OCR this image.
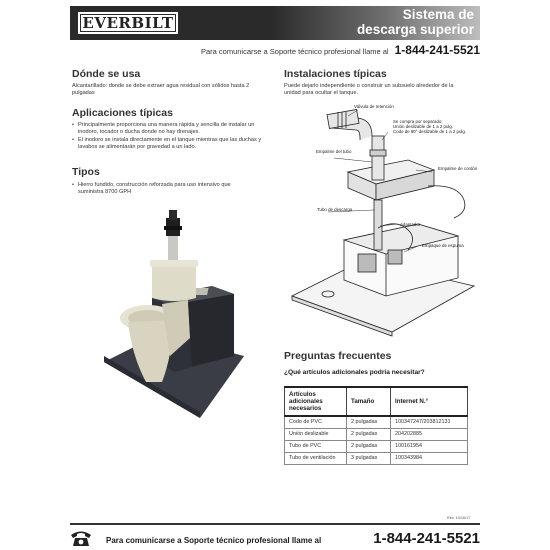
EVERBILT	Sistema de
descarga superior
Para comunicarse a Soporte técnico profesional llame al 1-844-241-5521
Dónde se usa
Alcantarillado: donde se debe extraer agua residual con sólidos hasta 2 pulgadas
Aplicaciones típicas
• Principalmente proporciona una manera rápida y sencilla de instalar un inodoro, tocador o ducha donde no hay drenajes.
• El inodoro se instala directamente en el tanque mientras que las duchas y lavabos se alimentarán por gravedad a un lado.
Tipos
• Hierro fundido, construcción reforzada para uso intensivo que suministra 8700 GPH
Instalaciones típicas
Puede dejarlo independiente o construir un subsuelo alrededor de la unidad para ocultar el tanque.
Válvula de retención
Se compra por separado:
Unión deslizable de 1 a 2 pulg.
Codo de 90° deslizable de 1 a 2 pulg.
Empalme del tubo
Empalme de cordón
Tubo de descarga
Adaptador
Empaque de espuma
Preguntas frecuentes
¿Qué artículos adicionales podría necesitar?
Artículos adicionales necesarios	Tamaño	Internet N.°
Codo de PVC	2 pulgadas	100347247/203812131
Unión deslizable	2 pulgadas	204202885
Tubo de PVC	2 pulgadas	100161954
Tubo de ventilación	3 pulgadas	100343984
Rev. 10/16/17
Para comunicarse a Soporte técnico profesional llame al	1-844-241-5521
